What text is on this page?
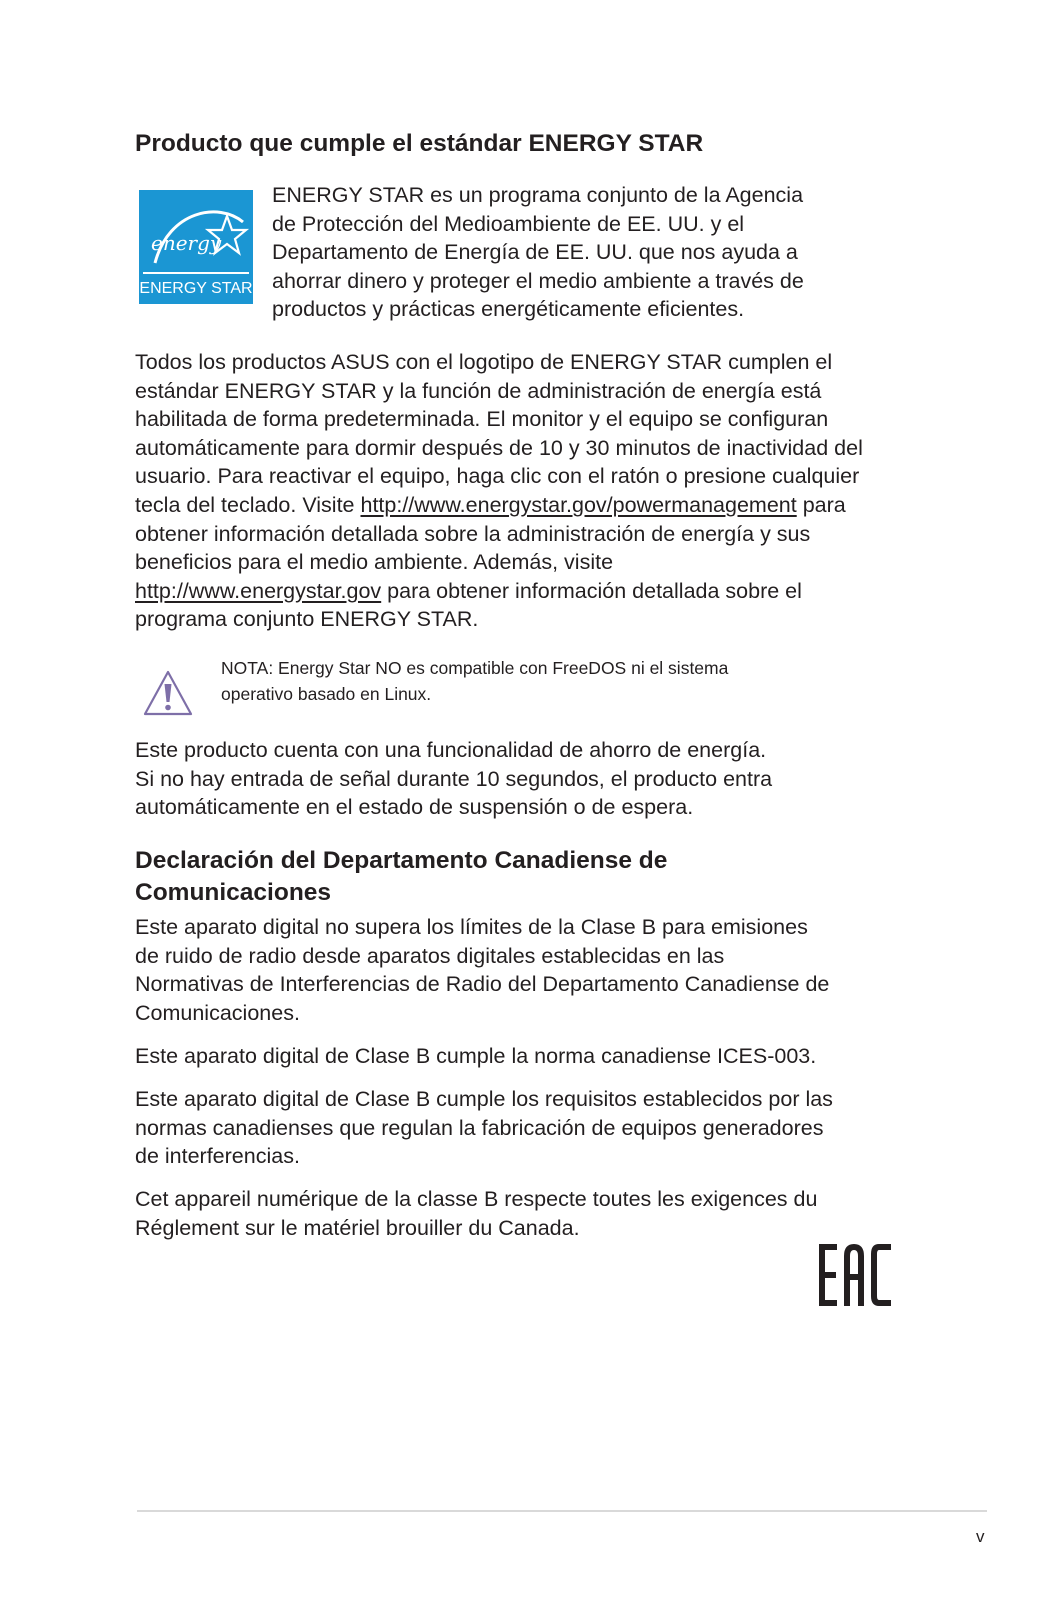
Producto que cumple el estándar ENERGY STAR
energy
ENERGY STAR
ENERGY STAR es un programa conjunto de la Agencia
de Protección del Medioambiente de EE. UU. y el
Departamento de Energía de EE. UU. que nos ayuda a
ahorrar dinero y proteger el medio ambiente a través de
productos y prácticas energéticamente eficientes.
Todos los productos ASUS con el logotipo de ENERGY STAR cumplen el
estándar ENERGY STAR y la función de administración de energía está
habilitada de forma predeterminada. El monitor y el equipo se configuran
automáticamente para dormir después de 10 y 30 minutos de inactividad del
usuario. Para reactivar el equipo, haga clic con el ratón o presione cualquier
tecla del teclado. Visite http://www.energystar.gov/powermanagement para
obtener información detallada sobre la administración de energía y sus
beneficios para el medio ambiente. Además, visite
http://www.energystar.gov para obtener información detallada sobre el
programa conjunto ENERGY STAR.
NOTA: Energy Star NO es compatible con FreeDOS ni el sistema
operativo basado en Linux.
Este producto cuenta con una funcionalidad de ahorro de energía.
Si no hay entrada de señal durante 10 segundos, el producto entra
automáticamente en el estado de suspensión o de espera.
Declaración del Departamento Canadiense de
Comunicaciones
Este aparato digital no supera los límites de la Clase B para emisiones
de ruido de radio desde aparatos digitales establecidas en las
Normativas de Interferencias de Radio del Departamento Canadiense de
Comunicaciones.
Este aparato digital de Clase B cumple la norma canadiense ICES-003.
Este aparato digital de Clase B cumple los requisitos establecidos por las
normas canadienses que regulan la fabricación de equipos generadores
de interferencias.
Cet appareil numérique de la classe B respecte toutes les exigences du
Réglement sur le matériel brouiller du Canada.
v
